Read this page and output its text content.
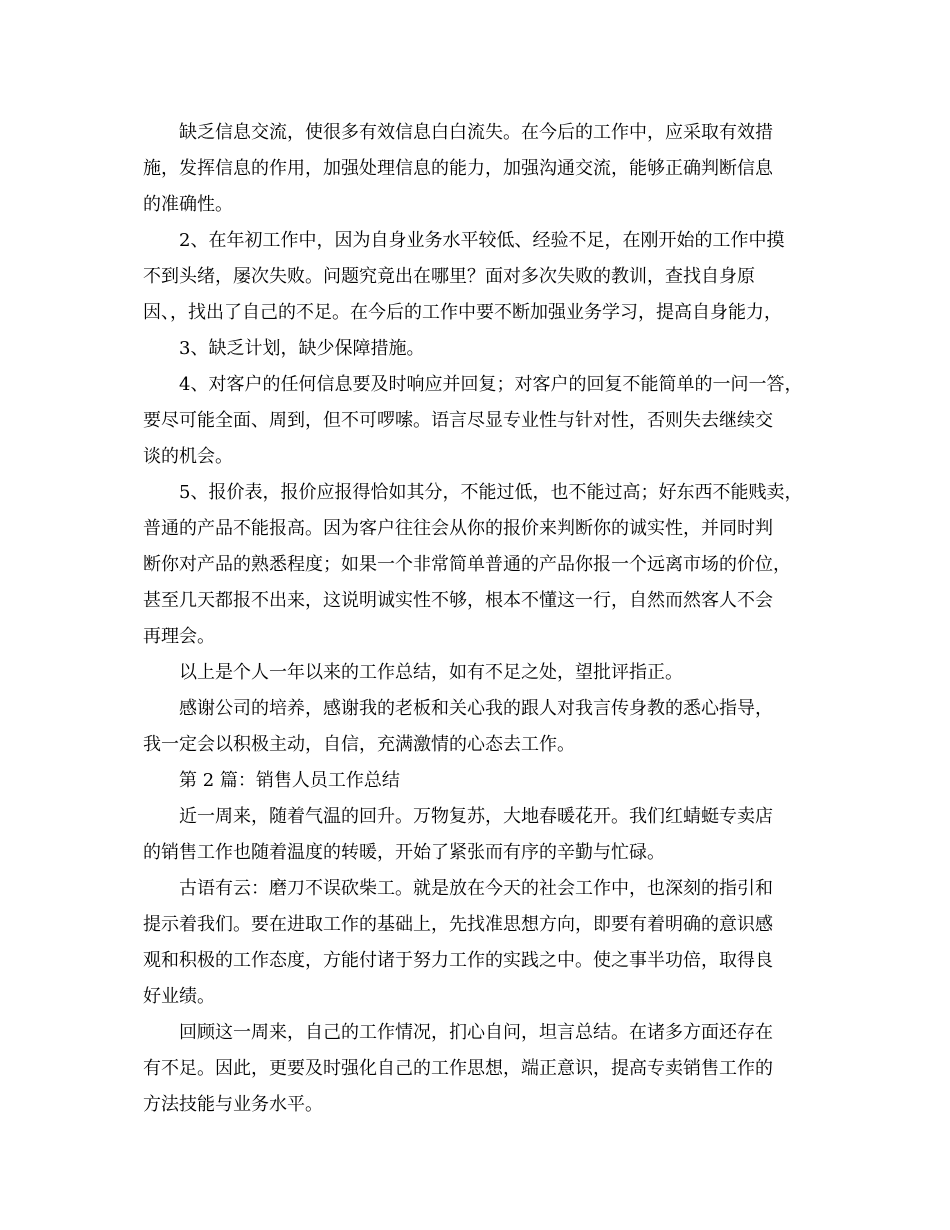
缺乏信息交流，使很多有效信息白白流失。在今后的工作中，应采取有效措
施，发挥信息的作用，加强处理信息的能力，加强沟通交流，能够正确判断信息
的准确性。
2、在年初工作中，因为自身业务水平较低、经验不足，在刚开始的工作中摸
不到头绪，屡次失败。问题究竟出在哪里？面对多次失败的教训，查找自身原
因、，找出了自己的不足。在今后的工作中要不断加强业务学习，提高自身能力，
3、缺乏计划，缺少保障措施。
4、对客户的任何信息要及时响应并回复；对客户的回复不能简单的一问一答，
要尽可能全面、周到，但不可啰嗦。语言尽显专业性与针对性，否则失去继续交
谈的机会。
5、报价表，报价应报得恰如其分，不能过低，也不能过高；好东西不能贱卖，
普通的产品不能报高。因为客户往往会从你的报价来判断你的诚实性，并同时判
断你对产品的熟悉程度；如果一个非常简单普通的产品你报一个远离市场的价位，
甚至几天都报不出来，这说明诚实性不够，根本不懂这一行，自然而然客人不会
再理会。
以上是个人一年以来的工作总结，如有不足之处，望批评指正。
感谢公司的培养，感谢我的老板和关心我的跟人对我言传身教的悉心指导，
我一定会以积极主动，自信，充满激情的心态去工作。
第 2 篇：销售人员工作总结
近一周来，随着气温的回升。万物复苏，大地春暖花开。我们红蜻蜓专卖店
的销售工作也随着温度的转暖，开始了紧张而有序的辛勤与忙碌。
古语有云：磨刀不误砍柴工。就是放在今天的社会工作中，也深刻的指引和
提示着我们。要在进取工作的基础上，先找准思想方向，即要有着明确的意识感
观和积极的工作态度，方能付诸于努力工作的实践之中。使之事半功倍，取得良
好业绩。
回顾这一周来，自己的工作情况，扪心自问，坦言总结。在诸多方面还存在
有不足。因此，更要及时强化自己的工作思想，端正意识，提高专卖销售工作的
方法技能与业务水平。
